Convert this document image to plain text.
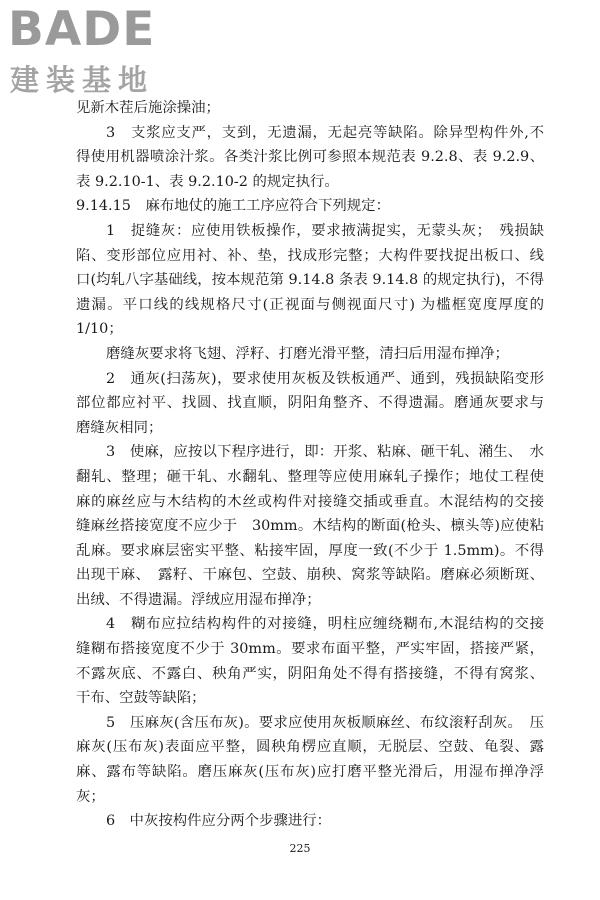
BADE
建装基地
见新木茬后施涂操油；
3　支浆应支严，支到，无遗漏，无起亮等缺陷。除异型构件外,不
得使用机器喷涂汁浆。各类汁浆比例可参照本规范表 9.2.8、表 9.2.9、
表 9.2.10-1、表 9.2.10-2 的规定执行。
9.14.15　麻布地仗的施工工序应符合下列规定：
1　捉缝灰：应使用铁板操作，要求掖满捉实，无蒙头灰；　残损缺
陷、变形部位应用衬、补、垫，找成形完整；大构件要找捉出板口、线
口(均轧八字基础线，按本规范第 9.14.8 条表 9.14.8 的规定执行)，不得
遗漏。平口线的线规格尺寸(正视面与侧视面尺寸) 为槛框宽度厚度的
1/10；
磨缝灰要求将飞翅、浮籽、打磨光滑平整，清扫后用湿布掸净；
2　通灰(扫荡灰)，要求使用灰板及铁板通严、通到，残损缺陷变形
部位都应衬平、找圆、找直顺，阴阳角整齐、不得遗漏。磨通灰要求与
磨缝灰相同；
3　使麻，应按以下程序进行，即：开浆、粘麻、砸干轧、潲生、　水
翻轧、整理；砸干轧、水翻轧、整理等应使用麻轧子操作；地仗工程使
麻的麻丝应与木结构的木丝或构件对接缝交插或垂直。木混结构的交接
缝麻丝搭接宽度不应少于　30mm。木结构的断面(枪头、檩头等)应使粘
乱麻。要求麻层密实平整、粘接牢固，厚度一致(不少于 1.5mm)。不得
出现干麻、　露籽、干麻包、空鼓、崩秧、窝浆等缺陷。磨麻必须断斑、
出绒、不得遗漏。浮绒应用湿布掸净；
4　糊布应拉结构构件的对接缝，明柱应缠绕糊布,木混结构的交接
缝糊布搭接宽度不少于 30mm。要求布面平整，严实牢固，搭接严紧，
不露灰底、不露白、秧角严实，阴阳角处不得有搭接缝，不得有窝浆、
干布、空鼓等缺陷；
5　压麻灰(含压布灰)。要求应使用灰板顺麻丝、布纹滚籽刮灰。　压
麻灰(压布灰)表面应平整，圆秧角楞应直顺，无脱层、空鼓、龟裂、露
麻、露布等缺陷。磨压麻灰(压布灰)应打磨平整光滑后，用湿布掸净浮
灰；
6　中灰按构件应分两个步骤进行：
225
